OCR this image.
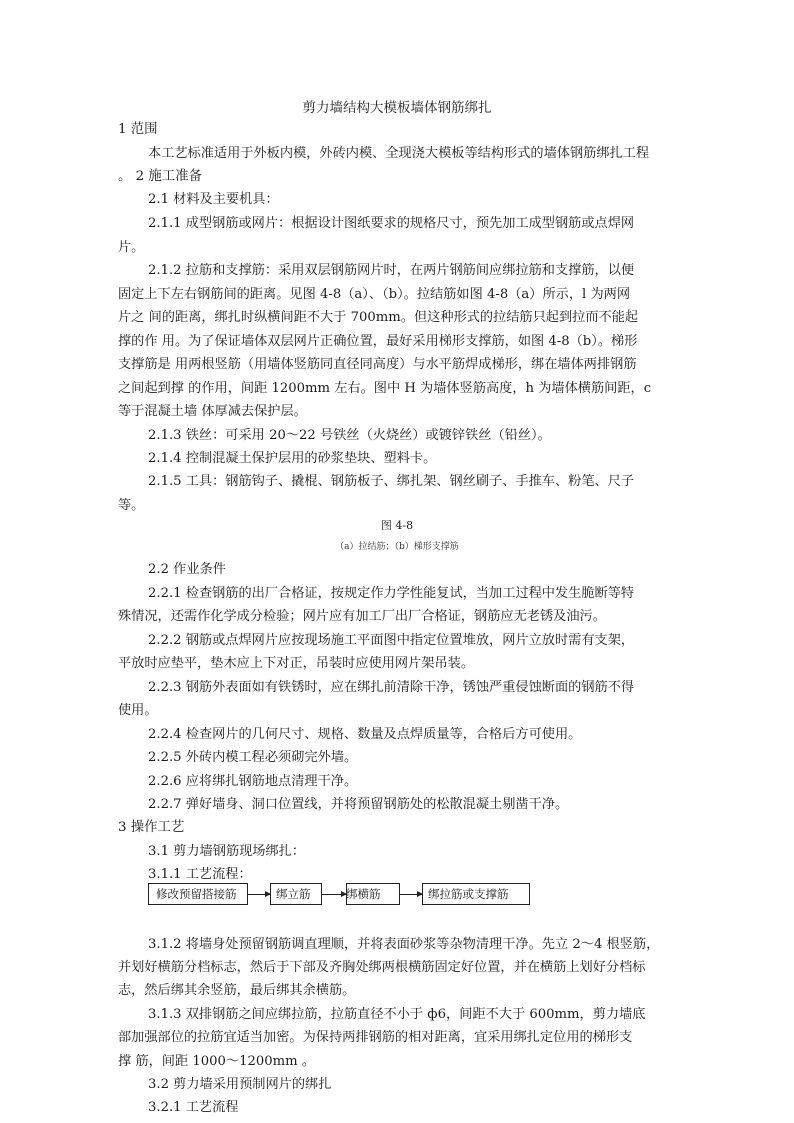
剪力墙结构大模板墙体钢筋绑扎
1 范围
本工艺标准适用于外板内模，外砖内模、全现浇大模板等结构形式的墙体钢筋绑扎工程
。 2 施工准备
2.1 材料及主要机具：
2.1.1 成型钢筋或网片：根据设计图纸要求的规格尺寸，预先加工成型钢筋或点焊网
片。
2.1.2 拉筋和支撑筋：采用双层钢筋网片时，在两片钢筋间应绑拉筋和支撑筋，以便
固定上下左右钢筋间的距离。见图 4-8（a）、（b）。拉结筋如图 4-8（a）所示，l 为两网
片之 间的距离，绑扎时纵横间距不大于 700mm。但这种形式的拉结筋只起到拉而不能起
撑的作 用。为了保证墙体双层网片正确位置，最好采用梯形支撑筋，如图 4-8（b）。梯形
支撑筋是 用两根竖筋（用墙体竖筋同直径同高度）与水平筋焊成梯形，绑在墙体两排钢筋
之间起到撑 的作用，间距 1200mm 左右。图中 H 为墙体竖筋高度，h 为墙体横筋间距，c
等于混凝土墙 体厚减去保护层。
2.1.3 铁丝：可采用 20～22 号铁丝（火烧丝）或镀锌铁丝（铅丝）。
2.1.4 控制混凝土保护层用的砂浆垫块、塑料卡。
2.1.5 工具：钢筋钩子、撬棍、钢筋板子、绑扎架、钢丝刷子、手推车、粉笔、尺子
等。
图 4-8
（a）拉结筋；（b）梯形支撑筋
2.2 作业条件
2.2.1 检查钢筋的出厂合格证，按规定作力学性能复试，当加工过程中发生脆断等特
殊情况，还需作化学成分检验；网片应有加工厂出厂合格证，钢筋应无老锈及油污。
2.2.2 钢筋或点焊网片应按现场施工平面图中指定位置堆放，网片立放时需有支架，
平放时应垫平，垫木应上下对正，吊装时应使用网片架吊装。
2.2.3 钢筋外表面如有铁锈时，应在绑扎前清除干净，锈蚀严重侵蚀断面的钢筋不得
使用。
2.2.4 检查网片的几何尺寸、规格、数量及点焊质量等，合格后方可使用。
2.2.5 外砖内模工程必须砌完外墙。
2.2.6 应将绑扎钢筋地点清理干净。
2.2.7 弹好墙身、洞口位置线，并将预留钢筋处的松散混凝土剔凿干净。
3 操作工艺
3.1 剪力墙钢筋现场绑扎：
3.1.1 工艺流程：
修改预留搭接筋	绑立筋	绑横筋	绑拉筋或支撑筋
3.1.2 将墙身处预留钢筋调直理顺，并将表面砂浆等杂物清理干净。先立 2～4 根竖筋，
并划好横筋分档标志，然后于下部及齐胸处绑两根横筋固定好位置，并在横筋上划好分档标
志，然后绑其余竖筋，最后绑其余横筋。
3.1.3 双排钢筋之间应绑拉筋，拉筋直径不小于 ф6，间距不大于 600mm，剪力墙底
部加强部位的拉筋宜适当加密。为保持两排钢筋的相对距离，宜采用绑扎定位用的梯形支
撑 筋，间距 1000～1200mm 。
3.2 剪力墙采用预制网片的绑扎
3.2.1 工艺流程
